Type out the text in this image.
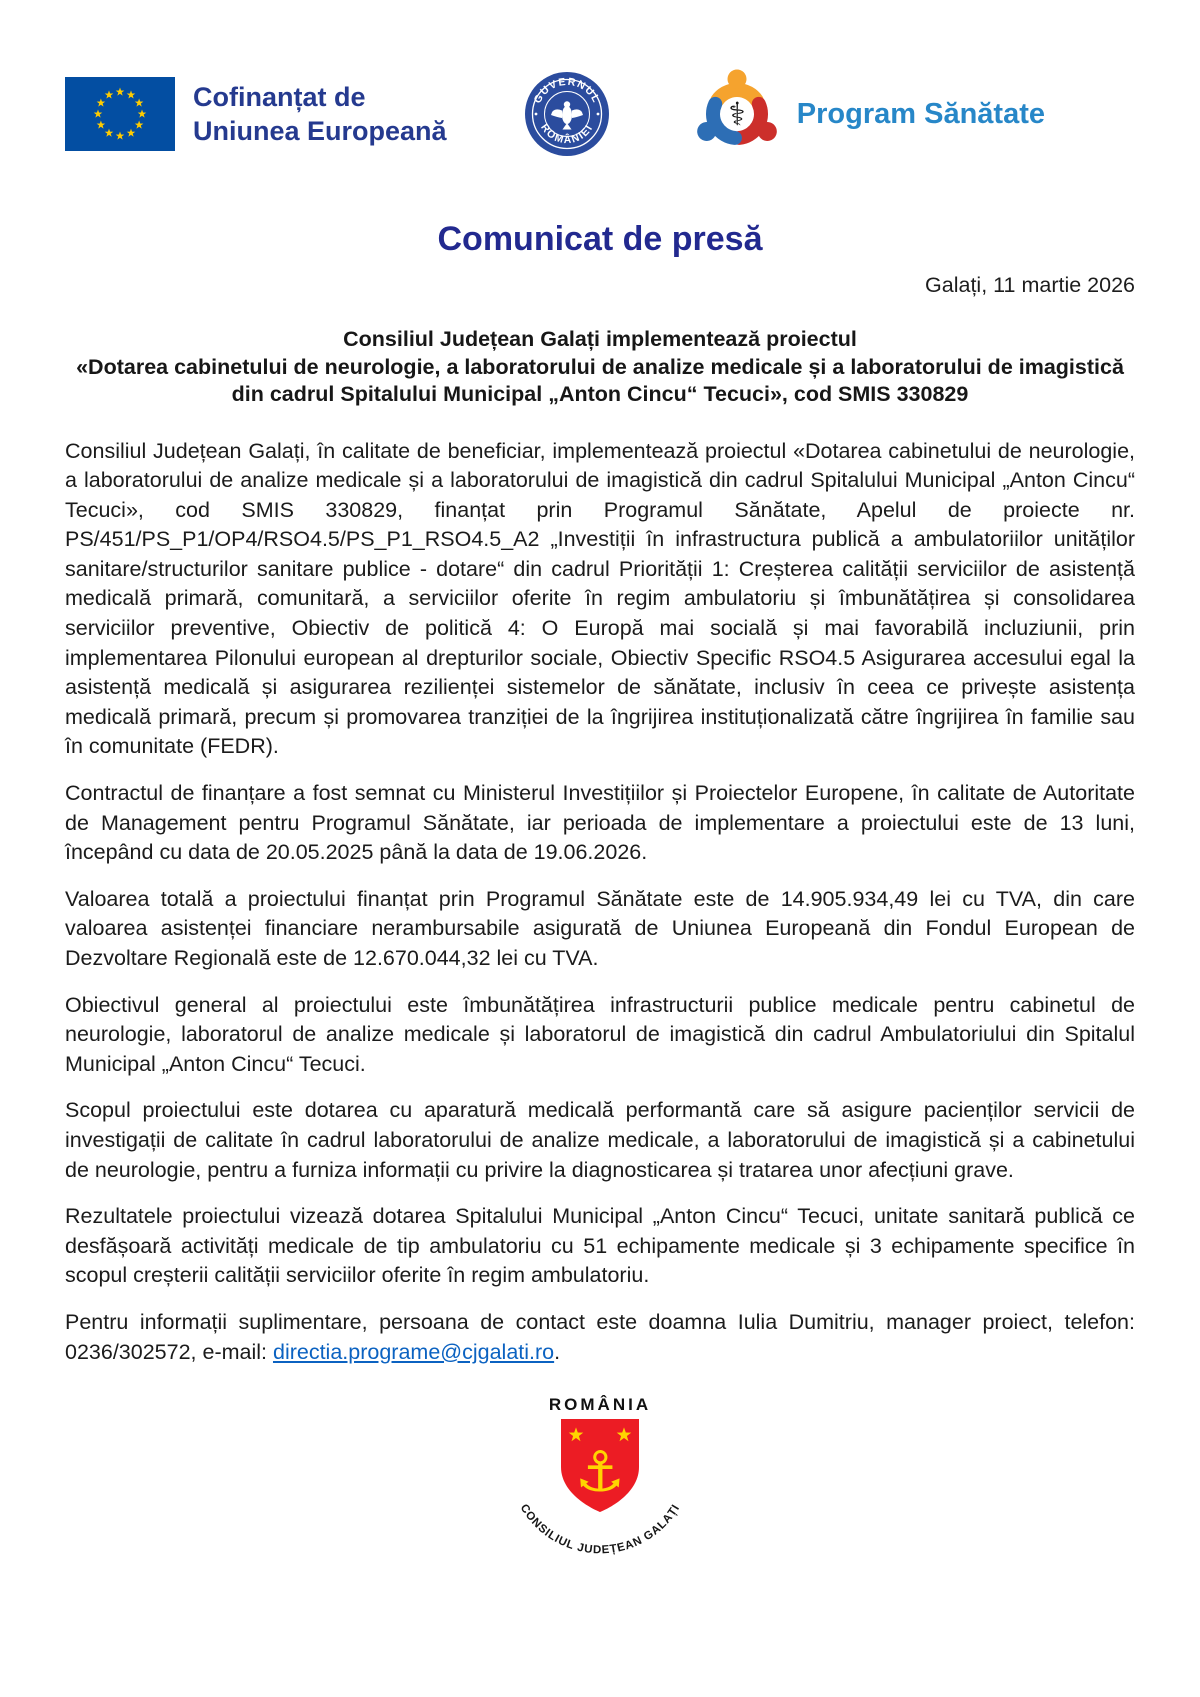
Cofinanțat de
Uniunea Europeană
GUVERNUL
ROMÂNIEI	⚕ Program Sănătate
Comunicat de presă
Galați, 11 martie 2026
Consiliul Județean Galați implementează proiectul
«Dotarea cabinetului de neurologie, a laboratorului de analize medicale și a laboratorului de imagistică din cadrul Spitalului Municipal „Anton Cincu“ Tecuci», cod SMIS 330829

Consiliul Județean Galați, în calitate de beneficiar, implementează proiectul «Dotarea cabinetului de neurologie, a laboratorului de analize medicale și a laboratorului de imagistică din cadrul Spitalului Municipal „Anton Cincu“ Tecuci», cod SMIS 330829, finanțat prin Programul Sănătate, Apelul de proiecte nr. PS/451/PS_P1/OP4/RSO4.5/PS_P1_RSO4.5_A2 „Investiții în infrastructura publică a ambulatoriilor unităților sanitare/structurilor sanitare publice - dotare“ din cadrul Priorității 1: Creșterea calității serviciilor de asistență medicală primară, comunitară, a serviciilor oferite în regim ambulatoriu și îmbunătățirea și consolidarea serviciilor preventive, Obiectiv de politică 4: O Europă mai socială și mai favorabilă incluziunii, prin implementarea Pilonului european al drepturilor sociale, Obiectiv Specific RSO4.5 Asigurarea accesului egal la asistență medicală și asigurarea rezilienței sistemelor de sănătate, inclusiv în ceea ce privește asistența medicală primară, precum și promovarea tranziției de la îngrijirea instituționalizată către îngrijirea în familie sau în comunitate (FEDR).

Contractul de finanțare a fost semnat cu Ministerul Investițiilor și Proiectelor Europene, în calitate de Autoritate de Management pentru Programul Sănătate, iar perioada de implementare a proiectului este de 13 luni, începând cu data de 20.05.2025 până la data de 19.06.2026.

Valoarea totală a proiectului finanțat prin Programul Sănătate este de 14.905.934,49 lei cu TVA, din care valoarea asistenței financiare nerambursabile asigurată de Uniunea Europeană din Fondul European de Dezvoltare Regională este de 12.670.044,32 lei cu TVA.

Obiectivul general al proiectului este îmbunătățirea infrastructurii publice medicale pentru cabinetul de neurologie, laboratorul de analize medicale și laboratorul de imagistică din cadrul Ambulatoriului din Spitalul Municipal „Anton Cincu“ Tecuci.

Scopul proiectului este dotarea cu aparatură medicală performantă care să asigure pacienților servicii de investigații de calitate în cadrul laboratorului de analize medicale, a laboratorului de imagistică și a cabinetului de neurologie, pentru a furniza informații cu privire la diagnosticarea și tratarea unor afecțiuni grave.

Rezultatele proiectului vizează dotarea Spitalului Municipal „Anton Cincu“ Tecuci, unitate sanitară publică ce desfășoară activități medicale de tip ambulatoriu cu 51 echipamente medicale și 3 echipamente specifice în scopul creșterii calității serviciilor oferite în regim ambulatoriu.

Pentru informații suplimentare, persoana de contact este doamna Iulia Dumitriu, manager proiect, telefon: 0236/302572, e-mail: directia.programe@cjgalati.ro.

ROMÂNIA
⚓
CONSILIUL JUDEȚEAN GALAȚI
